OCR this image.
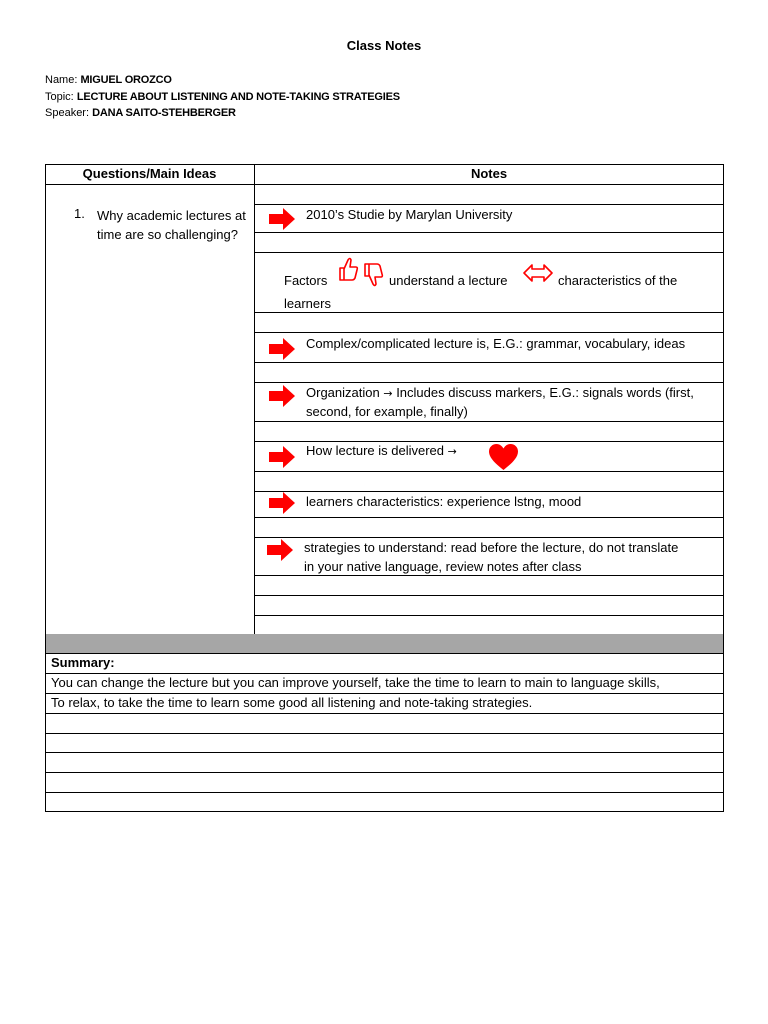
Class Notes
Name: MIGUEL OROZCO
Topic: LECTURE ABOUT LISTENING AND NOTE-TAKING STRATEGIES
Speaker: DANA SAITO-STEHBERGER
Questions/Main Ideas	Notes
1. Why academic lectures at time are so challenging?
2010’s Studie by Marylan University
Factors	understand a lecture	characteristics of the
learners
Complex/complicated lecture is, E.G.: grammar, vocabulary, ideas
Organization → Includes discuss markers, E.G.: signals words (first,
second, for example, finally)
How lecture is delivered →
learners characteristics: experience lstng, mood
strategies to understand: read before the lecture, do not translate
in your native language, review notes after class
Summary:
You can change the lecture but you can improve yourself, take the time to learn to main to language skills,
To relax, to take the time to learn some good all listening and note-taking strategies.
